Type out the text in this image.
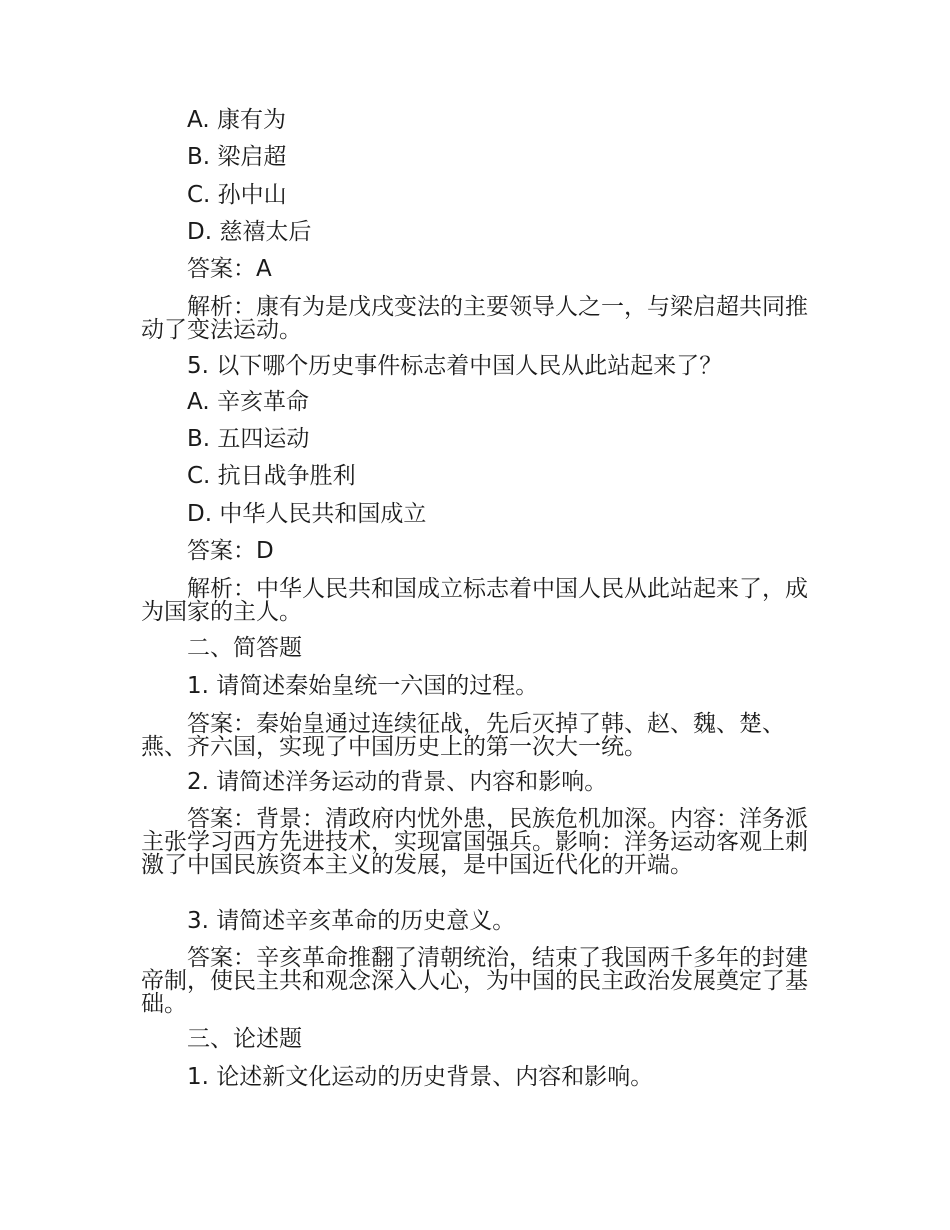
A. 康有为
B. 梁启超
C. 孙中山
D. 慈禧太后
答案：A
解析：康有为是戊戌变法的主要领导人之一，与梁启超共同推动了变法运动。
5. 以下哪个历史事件标志着中国人民从此站起来了？
A. 辛亥革命
B. 五四运动
C. 抗日战争胜利
D. 中华人民共和国成立
答案：D
解析：中华人民共和国成立标志着中国人民从此站起来了，成为国家的主人。
二、简答题
1. 请简述秦始皇统一六国的过程。
答案：秦始皇通过连续征战，先后灭掉了韩、赵、魏、楚、燕、齐六国，实现了中国历史上的第一次大一统。
2. 请简述洋务运动的背景、内容和影响。
答案：背景：清政府内忧外患，民族危机加深。内容：洋务派主张学习西方先进技术，实现富国强兵。影响：洋务运动客观上刺激了中国民族资本主义的发展，是中国近代化的开端。
3. 请简述辛亥革命的历史意义。
答案：辛亥革命推翻了清朝统治，结束了我国两千多年的封建帝制，使民主共和观念深入人心，为中国的民主政治发展奠定了基础。
三、论述题
1. 论述新文化运动的历史背景、内容和影响。
